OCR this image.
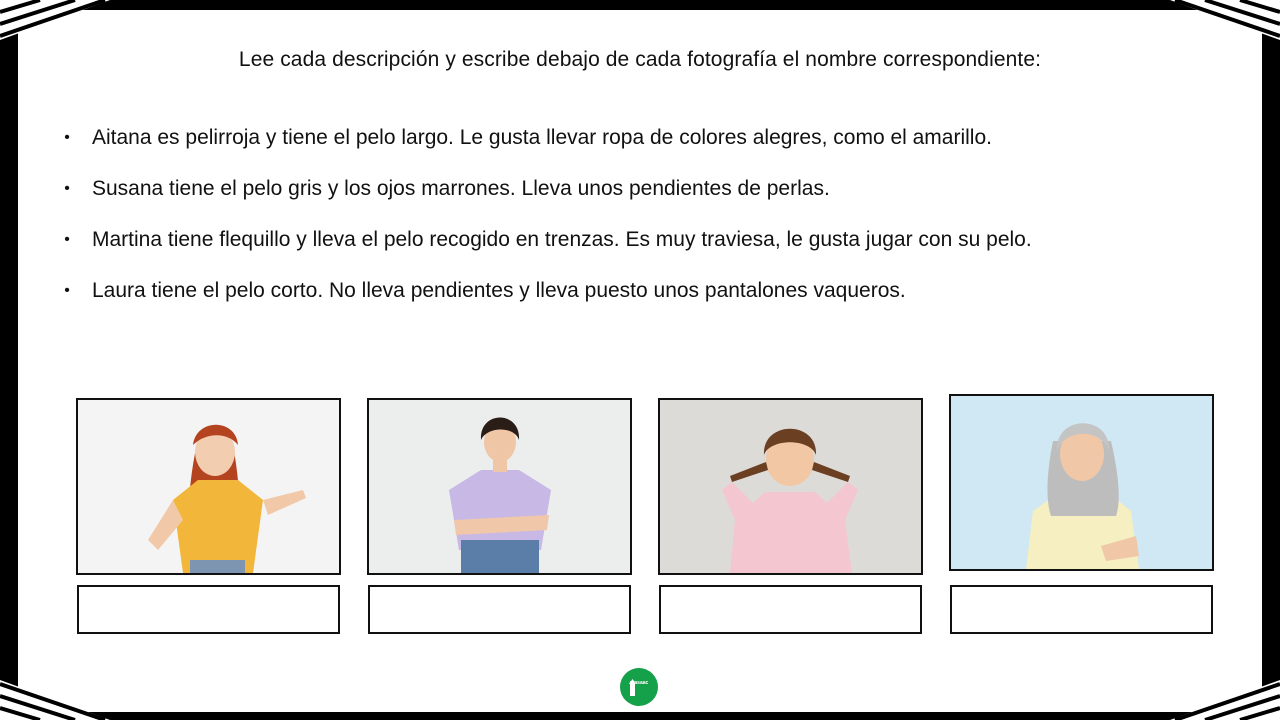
Lee cada descripción y escribe debajo de cada fotografía el nombre correspondiente:
• Aitana es pelirroja y tiene el pelo largo. Le gusta llevar ropa de colores alegres, como el amarillo.
• Susana tiene el pelo gris y los ojos marrones. Lleva unos pendientes de perlas.
• Martina tiene flequillo y lleva el pelo recogido en trenzas. Es muy traviesa, le gusta jugar con su pelo.
• Laura tiene el pelo corto. No lleva pendientes y lleva puesto unos pantalones vaqueros.
arasaac
